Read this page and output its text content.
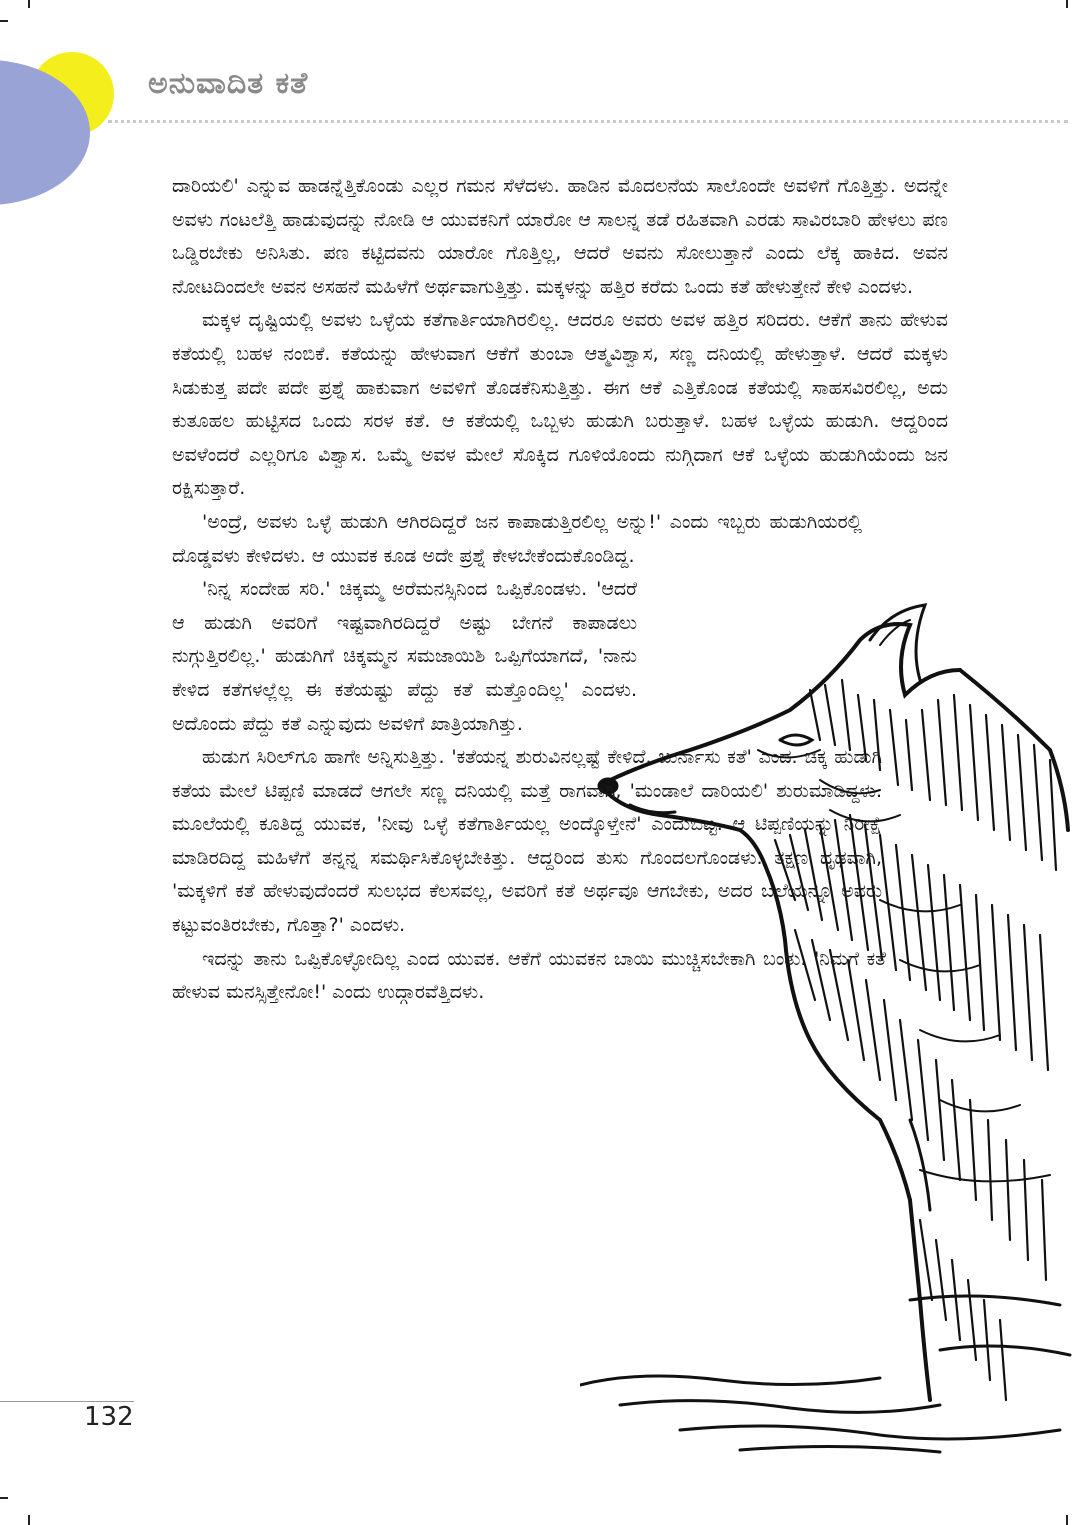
ಅನುವಾದಿತ ಕತೆ

ದಾರಿಯಲಿ' ಎನ್ನುವ ಹಾಡನ್ನೆತ್ತಿಕೊಂಡು ಎಲ್ಲರ ಗಮನ ಸೆಳೆದಳು. ಹಾಡಿನ ಮೊದಲನೆಯ ಸಾಲೊಂದೇ ಅವಳಿಗೆ ಗೊತ್ತಿತ್ತು. ಅದನ್ನೇ ಅವಳು ಗಂಟಲೆತ್ತಿ ಹಾಡುವುದನ್ನು ನೋಡಿ ಆ ಯುವಕನಿಗೆ ಯಾರೋ ಆ ಸಾಲನ್ನ ತಡೆ ರಹಿತವಾಗಿ ಎರಡು ಸಾವಿರಬಾರಿ ಹೇಳಲು ಪಣ ಒಡ್ಡಿರಬೇಕು ಅನಿಸಿತು. ಪಣ ಕಟ್ಟಿದವನು ಯಾರೋ ಗೊತ್ತಿಲ್ಲ, ಆದರೆ ಅವನು ಸೋಲುತ್ತಾನೆ ಎಂದು ಲೆಕ್ಕ ಹಾಕಿದ. ಅವನ ನೋಟದಿಂದಲೇ ಅವನ ಅಸಹನೆ ಮಹಿಳೆಗೆ ಅರ್ಥವಾಗುತ್ತಿತ್ತು. ಮಕ್ಕಳನ್ನು ಹತ್ತಿರ ಕರೆದು ಒಂದು ಕತೆ ಹೇಳುತ್ತೇನೆ ಕೇಳಿ ಎಂದಳು.

ಮಕ್ಕಳ ದೃಷ್ಟಿಯಲ್ಲಿ ಅವಳು ಒಳ್ಳೆಯ ಕತೆಗಾರ್ತಿಯಾಗಿರಲಿಲ್ಲ. ಆದರೂ ಅವರು ಅವಳ ಹತ್ತಿರ ಸರಿದರು. ಆಕೆಗೆ ತಾನು ಹೇಳುವ ಕತೆಯಲ್ಲಿ ಬಹಳ ನಂಬಿಕೆ. ಕತೆಯನ್ನು ಹೇಳುವಾಗ ಆಕೆಗೆ ತುಂಬಾ ಆತ್ಮವಿಶ್ವಾಸ, ಸಣ್ಣ ದನಿಯಲ್ಲಿ ಹೇಳುತ್ತಾಳೆ. ಆದರೆ ಮಕ್ಕಳು ಸಿಡುಕುತ್ತ ಪದೇ ಪದೇ ಪ್ರಶ್ನೆ ಹಾಕುವಾಗ ಅವಳಿಗೆ ತೊಡಕೆನಿಸುತ್ತಿತ್ತು. ಈಗ ಆಕೆ ಎತ್ತಿಕೊಂಡ ಕತೆಯಲ್ಲಿ ಸಾಹಸವಿರಲಿಲ್ಲ, ಅದು ಕುತೂಹಲ ಹುಟ್ಟಿಸದ ಒಂದು ಸರಳ ಕತೆ. ಆ ಕತೆಯಲ್ಲಿ ಒಬ್ಬಳು ಹುಡುಗಿ ಬರುತ್ತಾಳೆ. ಬಹಳ ಒಳ್ಳೆಯ ಹುಡುಗಿ. ಆದ್ದರಿಂದ ಅವಳೆಂದರೆ ಎಲ್ಲರಿಗೂ ವಿಶ್ವಾಸ. ಒಮ್ಮೆ ಅವಳ ಮೇಲೆ ಸೊಕ್ಕಿದ ಗೂಳಿಯೊಂದು ನುಗ್ಗಿದಾಗ ಆಕೆ ಒಳ್ಳೆಯ ಹುಡುಗಿಯೆಂದು ಜನ ರಕ್ಷಿಸುತ್ತಾರೆ.

'ಅಂದ್ರೆ, ಅವಳು ಒಳ್ಳೆ ಹುಡುಗಿ ಆಗಿರದಿದ್ದರೆ ಜನ ಕಾಪಾಡುತ್ತಿರಲಿಲ್ಲ ಅನ್ನು!' ಎಂದು ಇಬ್ಬರು ಹುಡುಗಿಯರಲ್ಲಿ ದೊಡ್ಡವಳು ಕೇಳಿದಳು. ಆ ಯುವಕ ಕೂಡ ಅದೇ ಪ್ರಶ್ನೆ ಕೇಳಬೇಕೆಂದುಕೊಂಡಿದ್ದ.

'ನಿನ್ನ ಸಂದೇಹ ಸರಿ.' ಚಿಕ್ಕಮ್ಮ ಅರೆಮನಸ್ಸಿನಿಂದ ಒಪ್ಪಿಕೊಂಡಳು. 'ಆದರೆ ಆ ಹುಡುಗಿ ಅವರಿಗೆ ಇಷ್ಟವಾಗಿರದಿದ್ದರೆ ಅಷ್ಟು ಬೇಗನೆ ಕಾಪಾಡಲು ನುಗ್ಗುತ್ತಿರಲಿಲ್ಲ.' ಹುಡುಗಿಗೆ ಚಿಕ್ಕಮ್ಮನ ಸಮಜಾಯಿಶಿ ಒಪ್ಪಿಗೆಯಾಗದೆ, 'ನಾನು ಕೇಳಿದ ಕತೆಗಳಲ್ಲೆಲ್ಲ ಈ ಕತೆಯಷ್ಟು ಪೆದ್ದು ಕತೆ ಮತ್ತೊಂದಿಲ್ಲ' ಎಂದಳು. ಅದೊಂದು ಪೆದ್ದು ಕತೆ ಎನ್ನುವುದು ಅವಳಿಗೆ ಖಾತ್ರಿಯಾಗಿತ್ತು.

ಹುಡುಗ ಸಿರಿಲ್‌ಗೂ ಹಾಗೇ ಅನ್ನಿಸುತ್ತಿತ್ತು. 'ಕತೆಯನ್ನ ಶುರುವಿನಲ್ಲಷ್ಟೆ ಕೇಳಿದೆ. ಬುರ್ನಾಸು ಕತೆ' ಎಂದ. ಚಿಕ್ಕ ಹುಡುಗಿ ಕತೆಯ ಮೇಲೆ ಟಿಪ್ಪಣಿ ಮಾಡದೆ ಆಗಲೇ ಸಣ್ಣ ದನಿಯಲ್ಲಿ ಮತ್ತೆ ರಾಗವಾಗಿ, 'ಮಂಡಾಲೆ ದಾರಿಯಲಿ' ಶುರುಮಾಡಿದ್ದಳು. ಮೂಲೆಯಲ್ಲಿ ಕೂತಿದ್ದ ಯುವಕ, 'ನೀವು ಒಳ್ಳೆ ಕತೆಗಾರ್ತಿಯಲ್ಲ ಅಂದ್ಕೊಳ್ತೇನೆ' ಎಂದುಬಿಟ್ಟ. ಆ ಟಿಪ್ಪಣಿಯನ್ನು ನಿರೀಕ್ಷೆ ಮಾಡಿರದಿದ್ದ ಮಹಿಳೆಗೆ ತನ್ನನ್ನ ಸಮರ್ಥಿಸಿಕೊಳ್ಳಬೇಕಿತ್ತು. ಆದ್ದರಿಂದ ತುಸು ಗೊಂದಲಗೊಂಡಳು. ತಕ್ಷಣ ದೃಢವಾಗಿ, 'ಮಕ್ಕಳಿಗೆ ಕತೆ ಹೇಳುವುದೆಂದರೆ ಸುಲಭದ ಕೆಲಸವಲ್ಲ, ಅವರಿಗೆ ಕತೆ ಅರ್ಥವೂ ಆಗಬೇಕು, ಅದರ ಬೆಲೆಯನ್ನೂ ಅವರು ಕಟ್ಟುವಂತಿರಬೇಕು, ಗೊತ್ತಾ?' ಎಂದಳು.

ಇದನ್ನು ತಾನು ಒಪ್ಪಿಕೊಳ್ಳೋದಿಲ್ಲ ಎಂದ ಯುವಕ. ಆಕೆಗೆ ಯುವಕನ ಬಾಯಿ ಮುಚ್ಚಿಸಬೇಕಾಗಿ ಬಂತು. 'ನಿಮಗೆ ಕತೆ ಹೇಳುವ ಮನಸ್ಸಿತ್ತೇನೋ!' ಎಂದು ಉದ್ಗಾರವೆತ್ತಿದಳು.

132
